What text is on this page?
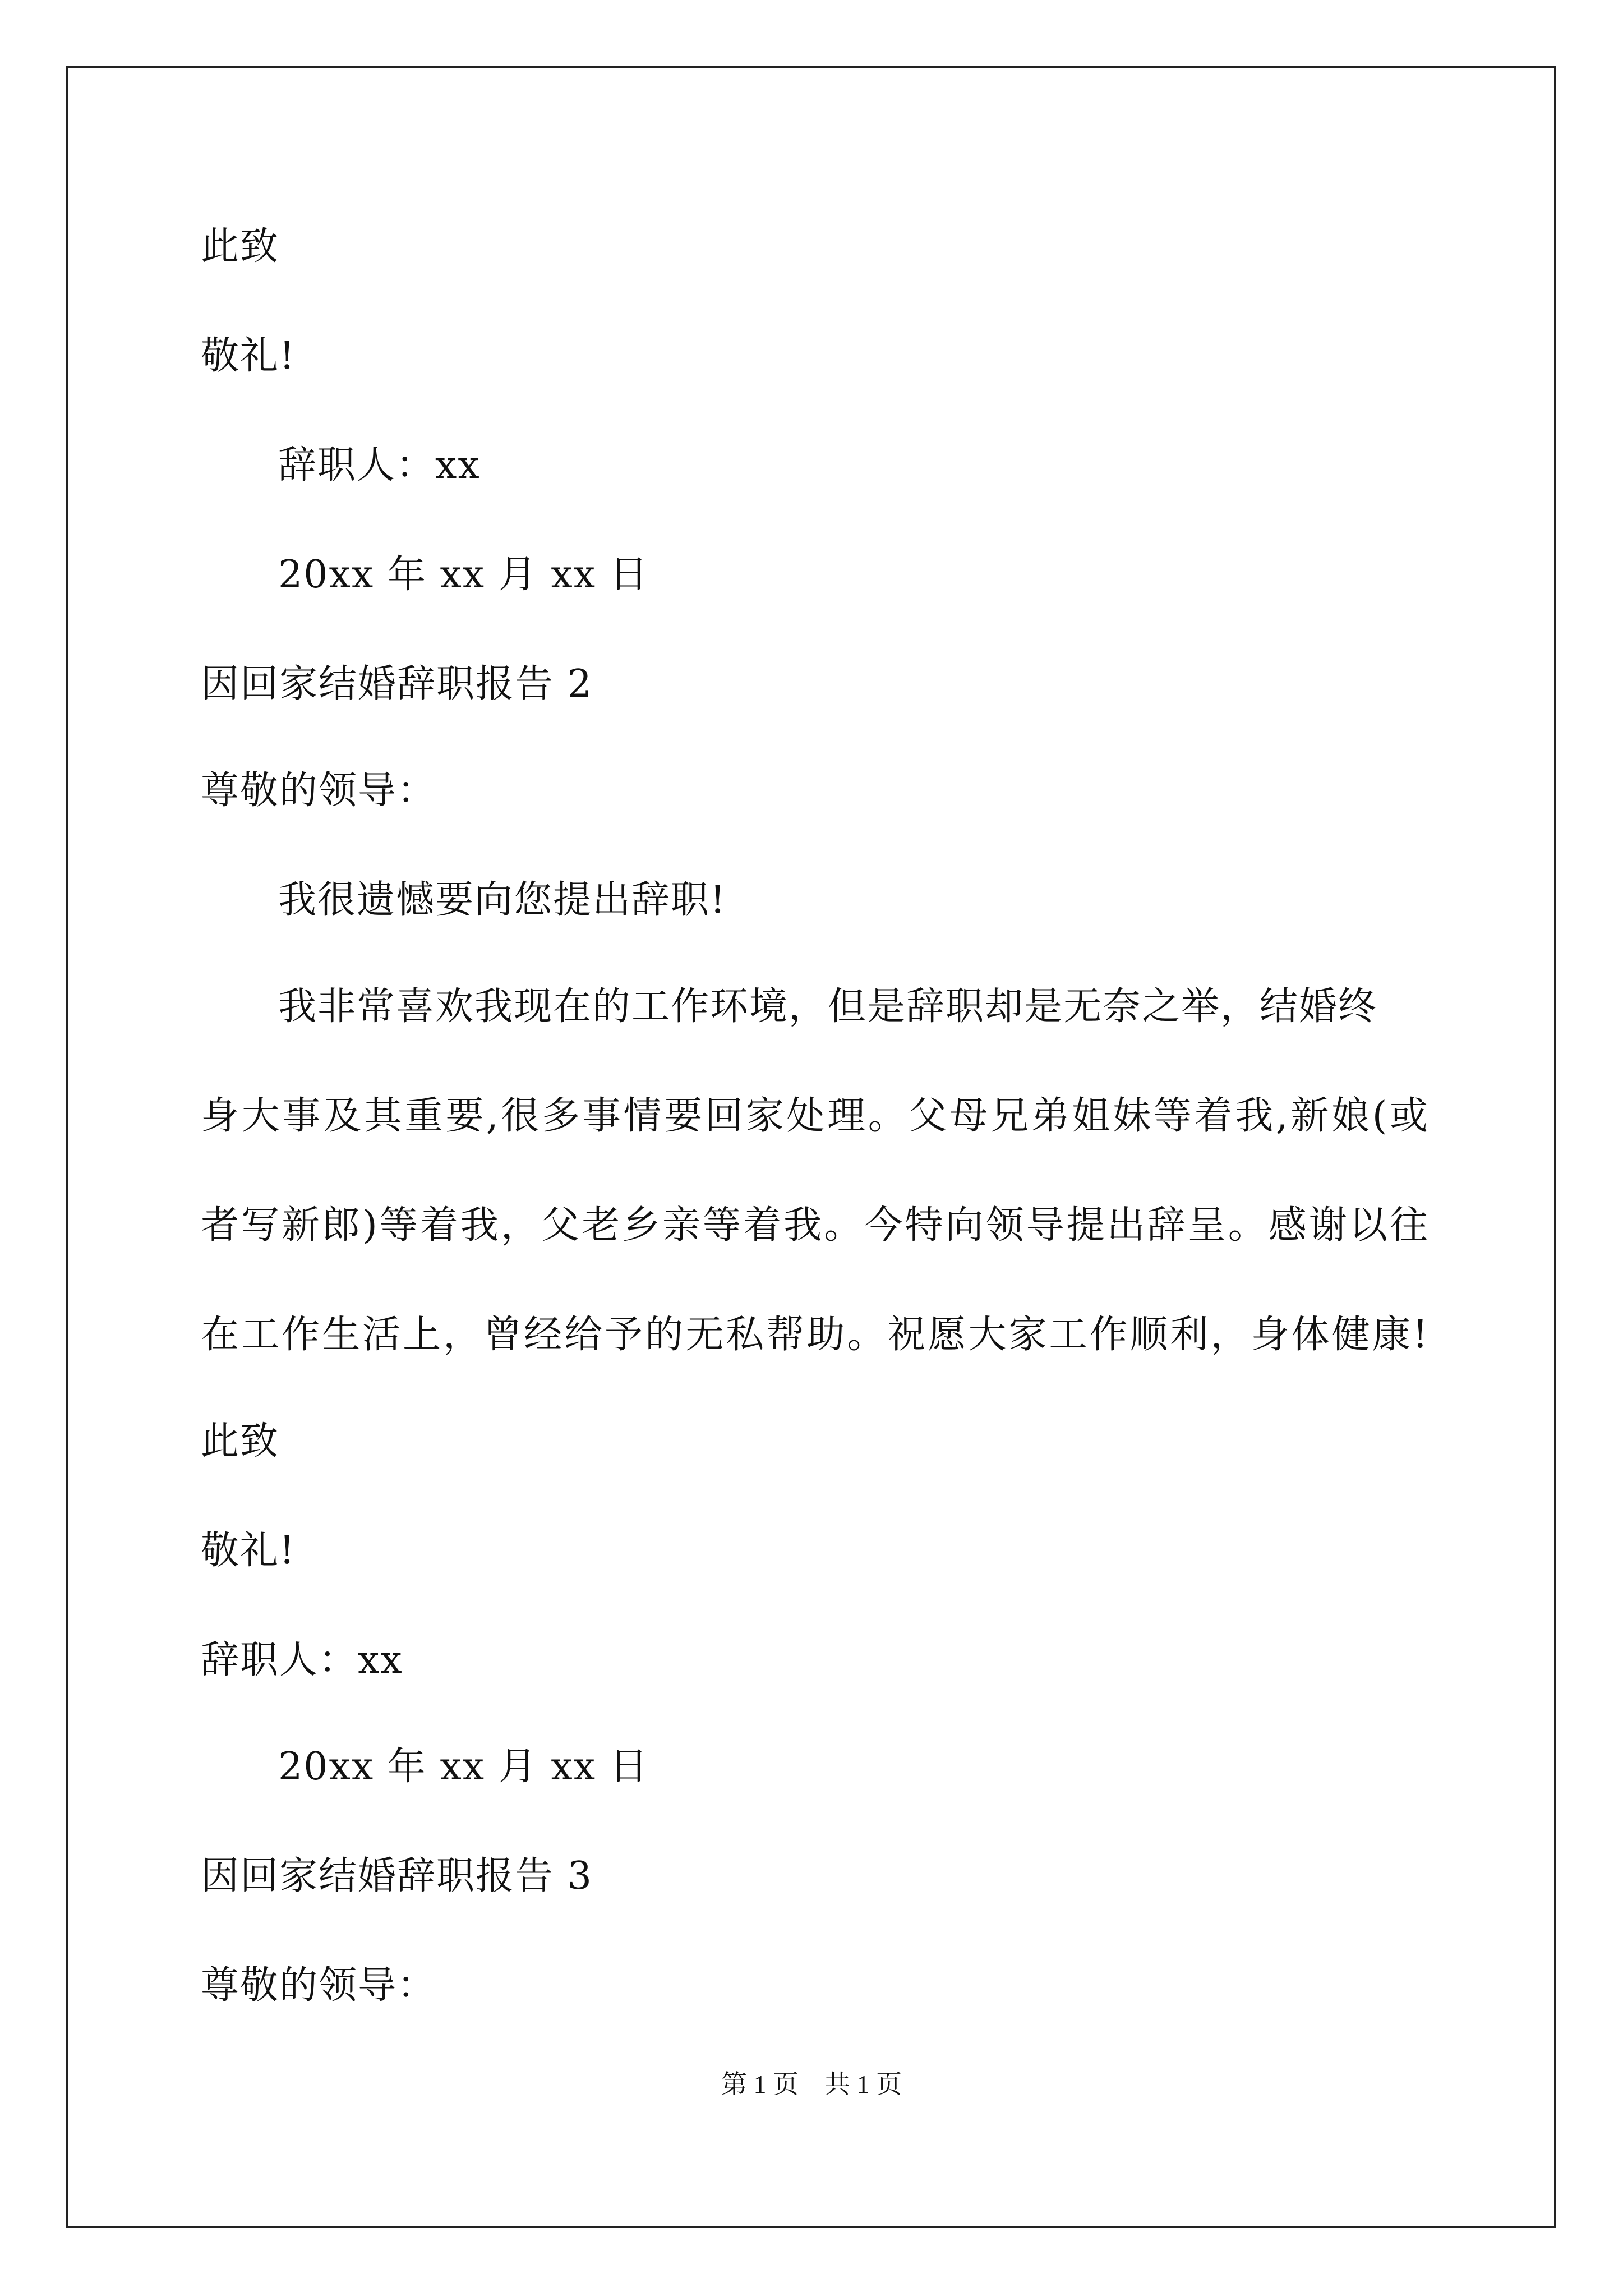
此致
敬礼!
辞职人：xx
20xx 年 xx 月 xx 日
因回家结婚辞职报告 2
尊敬的领导：
我很遗憾要向您提出辞职!
我非常喜欢我现在的工作环境，但是辞职却是无奈之举，结婚终
身大事及其重要,很多事情要回家处理。父母兄弟姐妹等着我,新娘(或
者写新郎)等着我，父老乡亲等着我。今特向领导提出辞呈。感谢以往
在工作生活上，曾经给予的无私帮助。祝愿大家工作顺利，身体健康!
此致
敬礼!
辞职人：xx
20xx 年 xx 月 xx 日
因回家结婚辞职报告 3
尊敬的领导：
第 1 页　共 1 页
